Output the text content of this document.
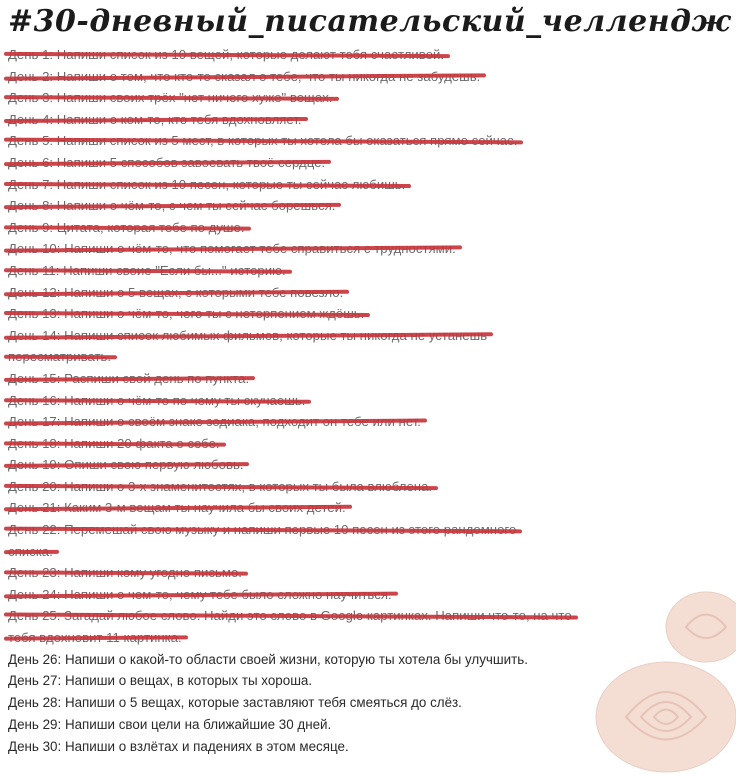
#30-дневный_писательский_челлендж
День 26: Напиши о какой-то области своей жизни, которую ты хотела бы улучшить.
День 27: Напиши о вещах, в которых ты хороша.
День 28: Напиши о 5 вещах, которые заставляют тебя смеяться до слёз.
День 29: Напиши свои цели на ближайшие 30 дней.
День 30: Напиши о взлётах и падениях в этом месяце.
